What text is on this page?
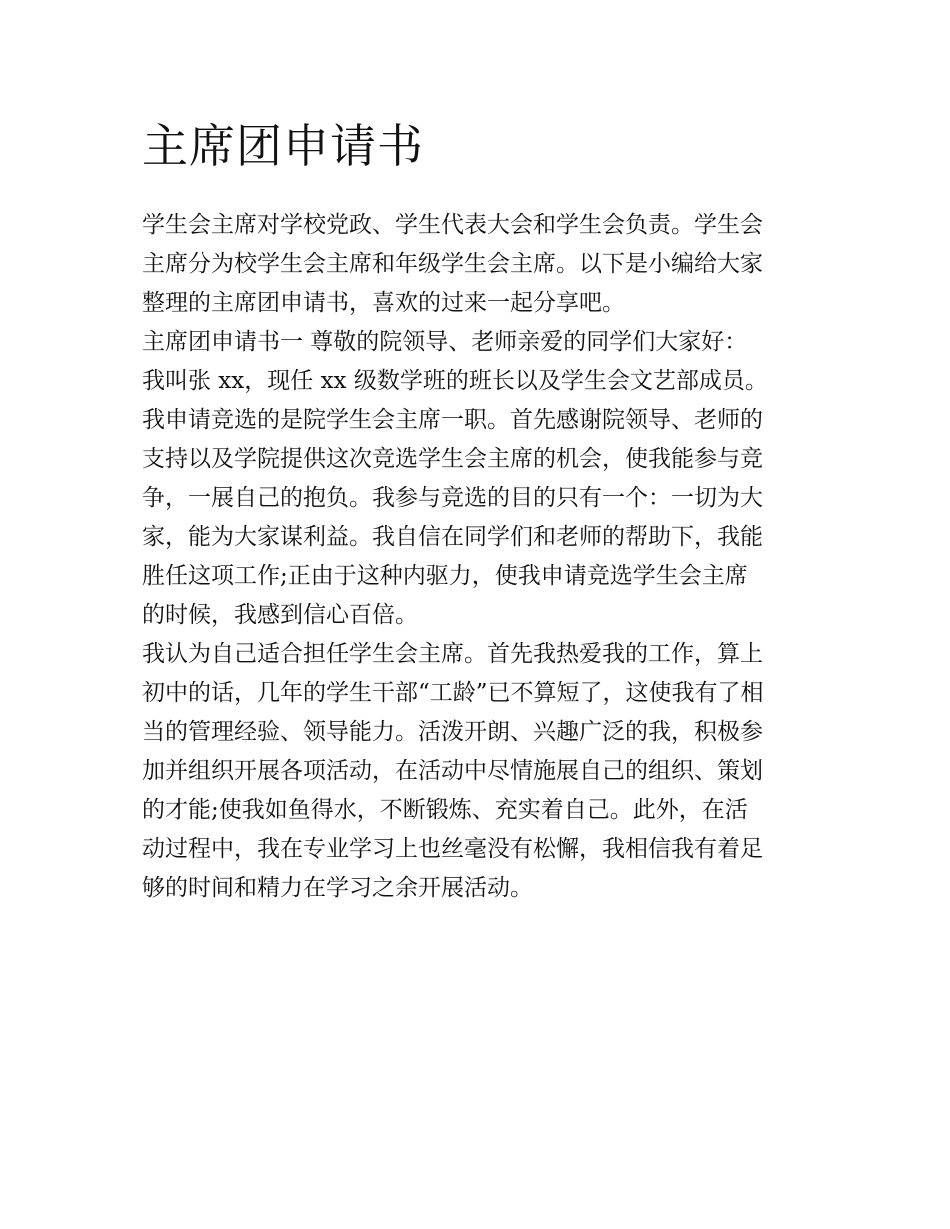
主席团申请书

学生会主席对学校党政、学生代表大会和学生会负责。学生会
主席分为校学生会主席和年级学生会主席。以下是小编给大家
整理的主席团申请书，喜欢的过来一起分享吧。

主席团申请书一 尊敬的院领导、老师亲爱的同学们大家好：

我叫张 xx，现任 xx 级数学班的班长以及学生会文艺部成员。
我申请竞选的是院学生会主席一职。首先感谢院领导、老师的
支持以及学院提供这次竞选学生会主席的机会，使我能参与竞
争，一展自己的抱负。我参与竞选的目的只有一个：一切为大
家，能为大家谋利益。我自信在同学们和老师的帮助下，我能
胜任这项工作;正由于这种内驱力，使我申请竞选学生会主席
的时候，我感到信心百倍。

我认为自己适合担任学生会主席。首先我热爱我的工作，算上
初中的话，几年的学生干部“工龄”已不算短了，这使我有了相
当的管理经验、领导能力。活泼开朗、兴趣广泛的我，积极参
加并组织开展各项活动，在活动中尽情施展自己的组织、策划
的才能;使我如鱼得水，不断锻炼、充实着自己。此外，在活
动过程中，我在专业学习上也丝毫没有松懈，我相信我有着足
够的时间和精力在学习之余开展活动。
